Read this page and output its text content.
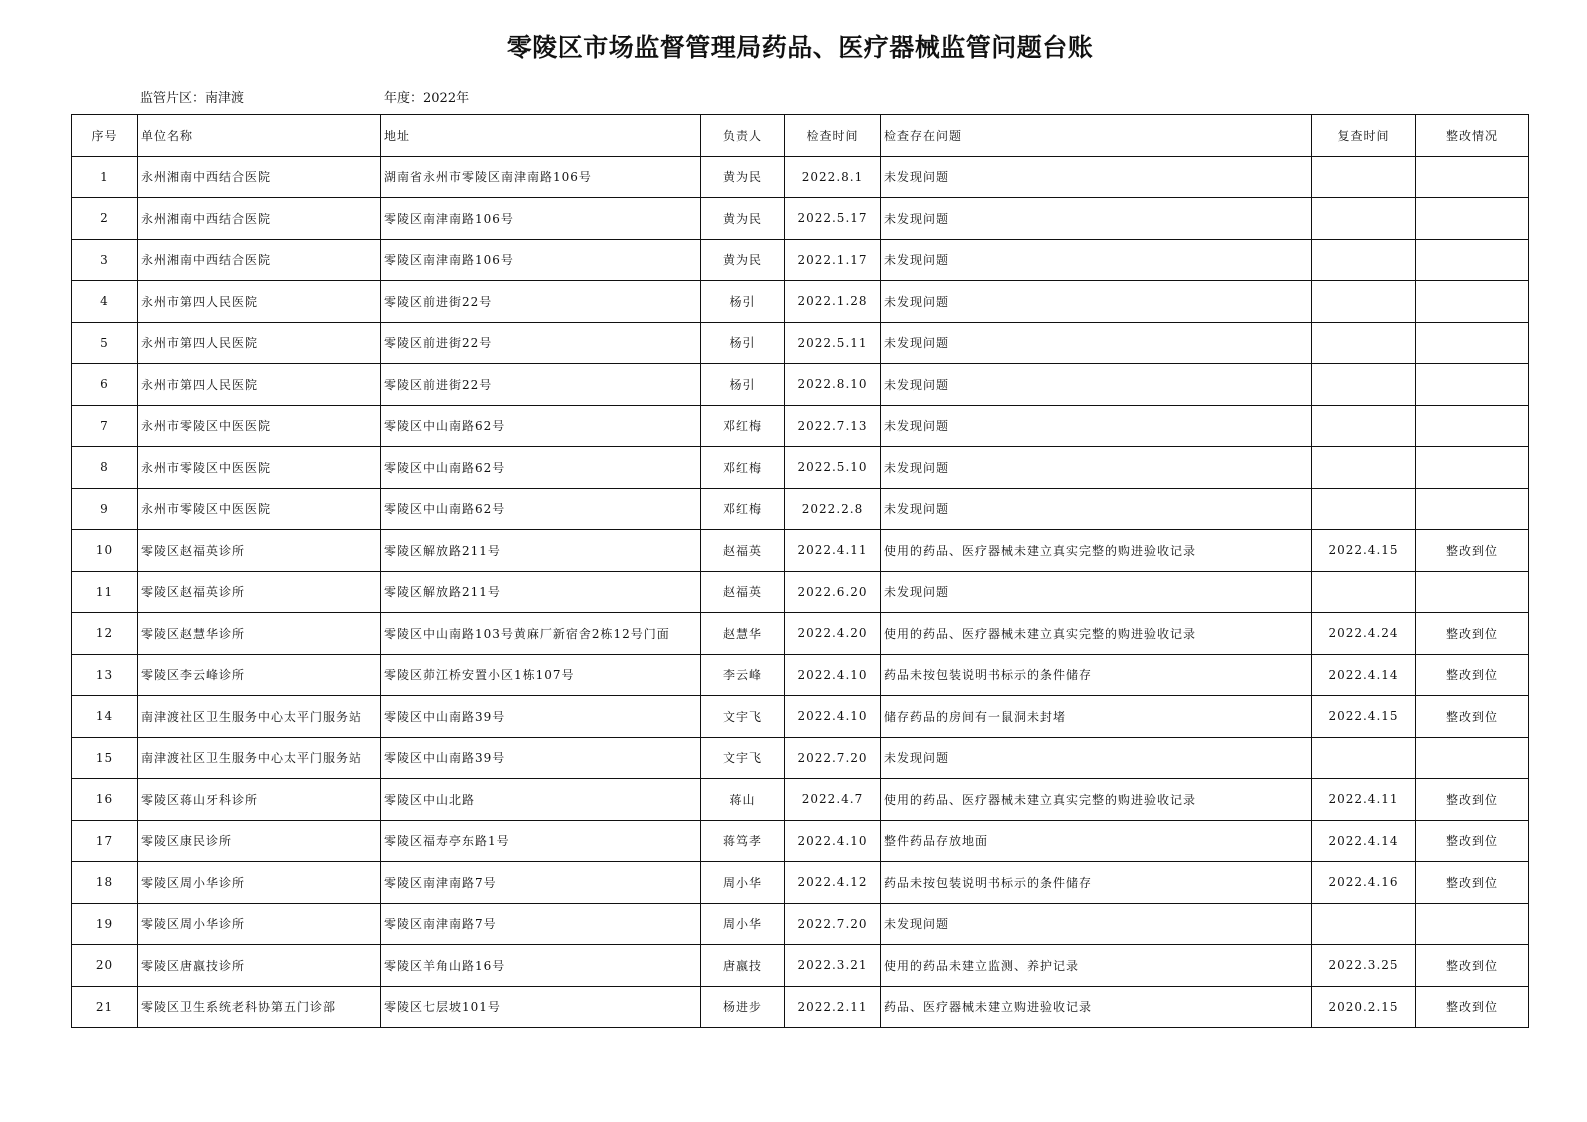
零陵区市场监督管理局药品、医疗器械监管问题台账
监管片区：南津渡	年度：2022年
序号	单位名称	地址	负责人	检查时间	检查存在问题	复查时间	整改情况
1	永州湘南中西结合医院	湖南省永州市零陵区南津南路106号	黄为民	2022.8.1	未发现问题		
2	永州湘南中西结合医院	零陵区南津南路106号	黄为民	2022.5.17	未发现问题		
3	永州湘南中西结合医院	零陵区南津南路106号	黄为民	2022.1.17	未发现问题		
4	永州市第四人民医院	零陵区前进街22号	杨引	2022.1.28	未发现问题		
5	永州市第四人民医院	零陵区前进街22号	杨引	2022.5.11	未发现问题		
6	永州市第四人民医院	零陵区前进街22号	杨引	2022.8.10	未发现问题		
7	永州市零陵区中医医院	零陵区中山南路62号	邓红梅	2022.7.13	未发现问题		
8	永州市零陵区中医医院	零陵区中山南路62号	邓红梅	2022.5.10	未发现问题		
9	永州市零陵区中医医院	零陵区中山南路62号	邓红梅	2022.2.8	未发现问题		
10	零陵区赵福英诊所	零陵区解放路211号	赵福英	2022.4.11	使用的药品、医疗器械未建立真实完整的购进验收记录	2022.4.15	整改到位
11	零陵区赵福英诊所	零陵区解放路211号	赵福英	2022.6.20	未发现问题		
12	零陵区赵慧华诊所	零陵区中山南路103号黄麻厂新宿舍2栋12号门面	赵慧华	2022.4.20	使用的药品、医疗器械未建立真实完整的购进验收记录	2022.4.24	整改到位
13	零陵区李云峰诊所	零陵区茆江桥安置小区1栋107号	李云峰	2022.4.10	药品未按包装说明书标示的条件储存	2022.4.14	整改到位
14	南津渡社区卫生服务中心太平门服务站	零陵区中山南路39号	文宇飞	2022.4.10	储存药品的房间有一鼠洞未封堵	2022.4.15	整改到位
15	南津渡社区卫生服务中心太平门服务站	零陵区中山南路39号	文宇飞	2022.7.20	未发现问题		
16	零陵区蒋山牙科诊所	零陵区中山北路	蒋山	2022.4.7	使用的药品、医疗器械未建立真实完整的购进验收记录	2022.4.11	整改到位
17	零陵区康民诊所	零陵区福寿亭东路1号	蒋笃孝	2022.4.10	整件药品存放地面	2022.4.14	整改到位
18	零陵区周小华诊所	零陵区南津南路7号	周小华	2022.4.12	药品未按包装说明书标示的条件储存	2022.4.16	整改到位
19	零陵区周小华诊所	零陵区南津南路7号	周小华	2022.7.20	未发现问题		
20	零陵区唐嬴技诊所	零陵区羊角山路16号	唐嬴技	2022.3.21	使用的药品未建立监测、养护记录	2022.3.25	整改到位
21	零陵区卫生系统老科协第五门诊部	零陵区七层坡101号	杨进步	2022.2.11	药品、医疗器械未建立购进验收记录	2020.2.15	整改到位
